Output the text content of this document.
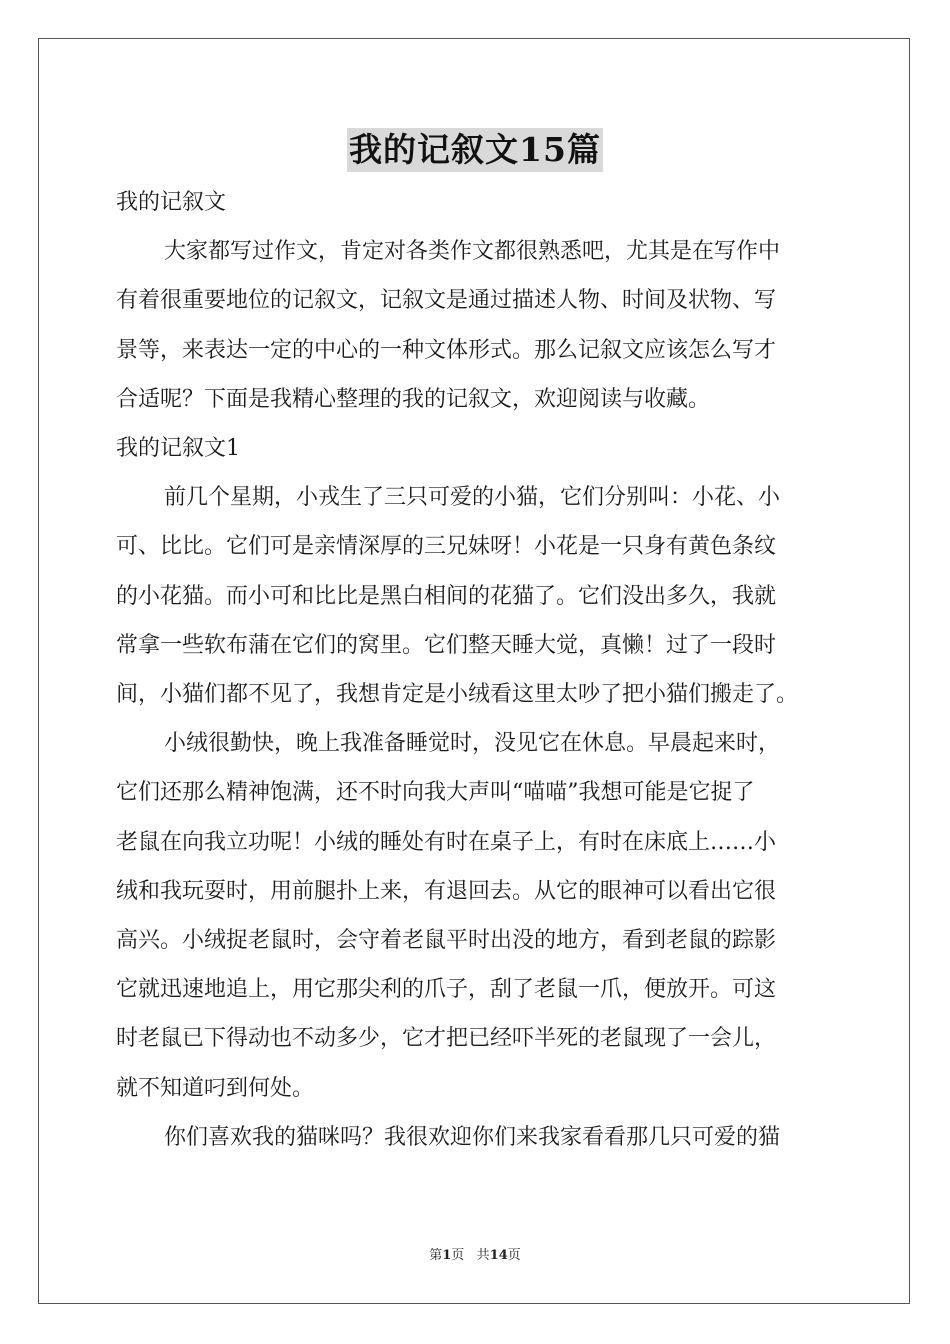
我的记叙文15篇

我的记叙文

大家都写过作文，肯定对各类作文都很熟悉吧，尤其是在写作中
有着很重要地位的记叙文，记叙文是通过描述人物、时间及状物、写
景等，来表达一定的中心的一种文体形式。那么记叙文应该怎么写才
合适呢？下面是我精心整理的我的记叙文，欢迎阅读与收藏。

我的记叙文1

前几个星期，小戎生了三只可爱的小猫，它们分别叫：小花、小
可、比比。它们可是亲情深厚的三兄妹呀！小花是一只身有黄色条纹
的小花猫。而小可和比比是黑白相间的花猫了。它们没出多久，我就
常拿一些软布蒲在它们的窝里。它们整天睡大觉，真懒！过了一段时
间，小猫们都不见了，我想肯定是小绒看这里太吵了把小猫们搬走了。
小绒很勤快，晚上我准备睡觉时，没见它在休息。早晨起来时，
它们还那么精神饱满，还不时向我大声叫“喵喵”我想可能是它捉了
老鼠在向我立功呢！小绒的睡处有时在桌子上，有时在床底上……小
绒和我玩耍时，用前腿扑上来，有退回去。从它的眼神可以看出它很
高兴。小绒捉老鼠时，会守着老鼠平时出没的地方，看到老鼠的踪影
它就迅速地追上，用它那尖利的爪子，刮了老鼠一爪，便放开。可这
时老鼠已下得动也不动多少，它才把已经吓半死的老鼠现了一会儿，
就不知道叼到何处。
你们喜欢我的猫咪吗？我很欢迎你们来我家看看那几只可爱的猫
第1页 共14页
